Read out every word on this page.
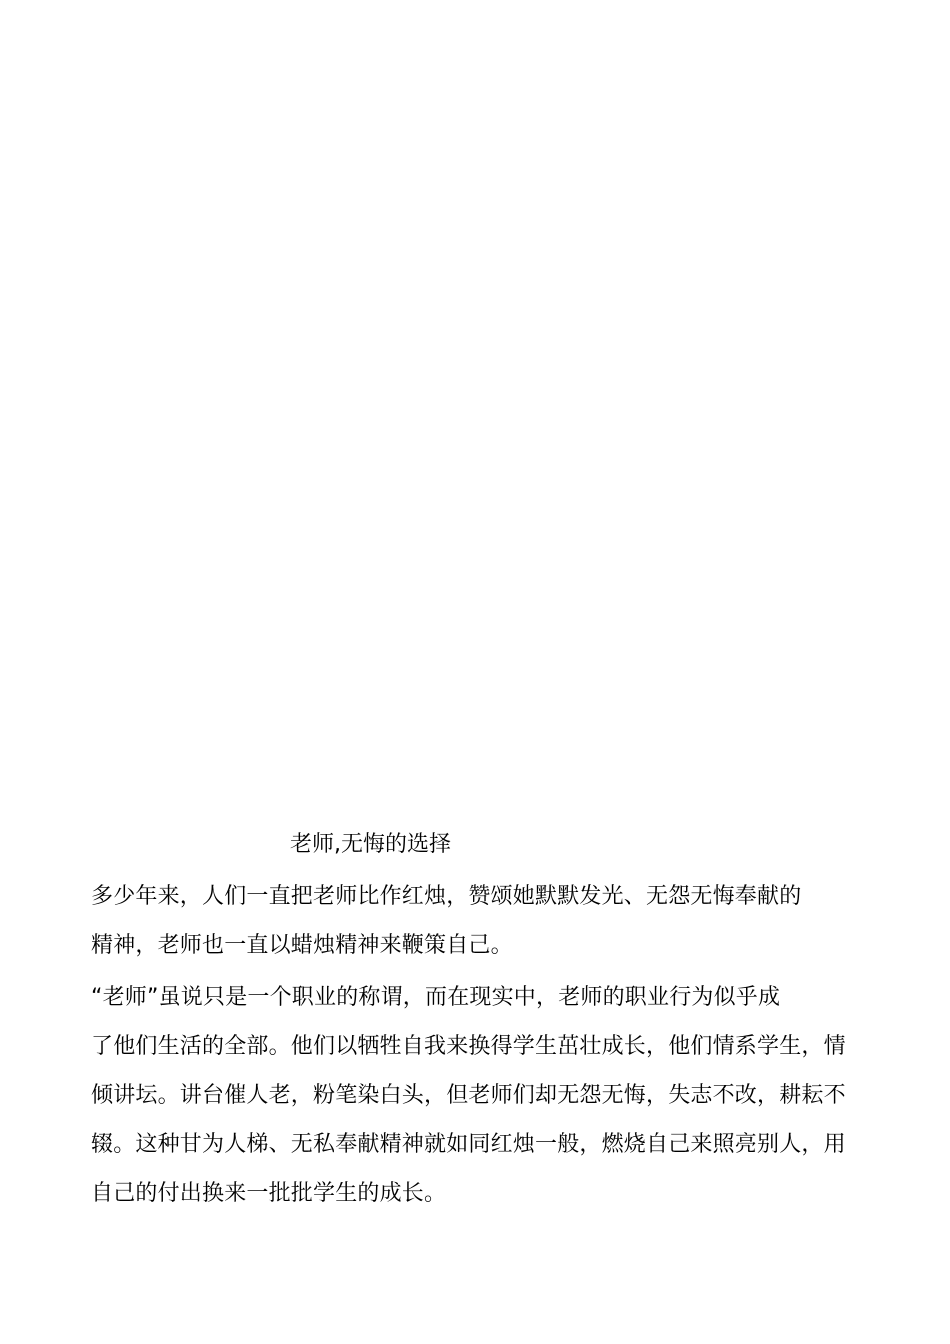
老师,无悔的选择
多少年来，人们一直把老师比作红烛，赞颂她默默发光、无怨无悔奉献的
精神，老师也一直以蜡烛精神来鞭策自己。
“老师”虽说只是一个职业的称谓，而在现实中，老师的职业行为似乎成
了他们生活的全部。他们以牺牲自我来换得学生茁壮成长，他们情系学生，情
倾讲坛。讲台催人老，粉笔染白头，但老师们却无怨无悔，失志不改，耕耘不
辍。这种甘为人梯、无私奉献精神就如同红烛一般，燃烧自己来照亮别人，用
自己的付出换来一批批学生的成长。
